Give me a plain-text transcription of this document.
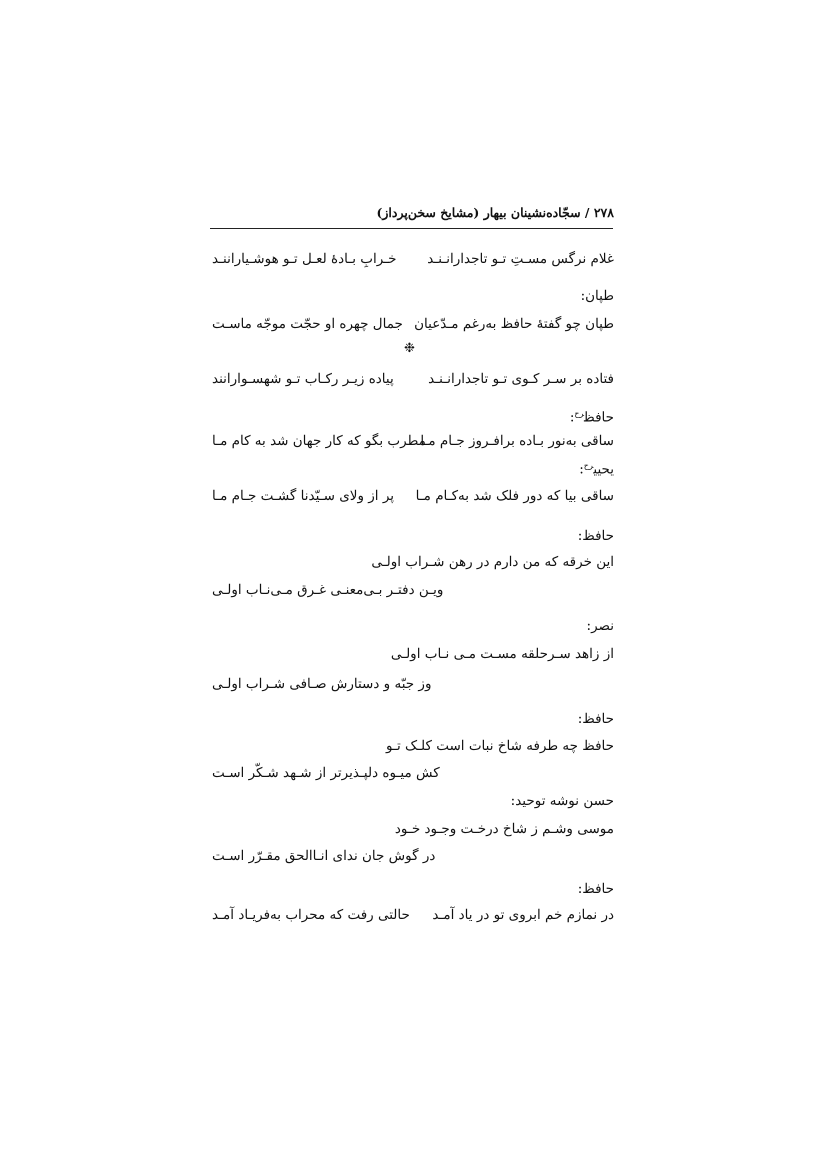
۲۷۸ / سجّاده‌نشینان بیهار (مشایخ سخن‌پرداز)
غلام نرگس مسـتِ تـو تاجدارانـنـد
خـرابِ بـادهٔ لعـل تـو هوشـیاراننـد
طپان:
طپان چو گفتهٔ حافظ به‌رغم مـدّعیان
جمال چهره او حجّت موجّه ماسـت
❉
فتاده بر سـر کـوی تـو تاجدارانـنـد
پیاده زیـر رکـاب تـو شهسـوارانند
حافظ$^{رح}$:
ساقی به‌نور بـاده برافـروز جـام مـا
مطرب بگو که کار جهان شد به کام مـا
یحیی$^{رح}$:
ساقی بیا که دور فلک شد به‌کـام مـا
پر از ولای سـیّدنا گشـت جـام مـا
حافظ:
این خرقه که من دارم در رهن شـراب اولـی
ویـن دفتـر بـی‌معنـی غـرق مـی‌نـاب اولـی
نصر:
از زاهد سـرحلقه مسـت مـی نـاب اولـی
وز جبّه و دستارش صـافی شـراب اولـی
حافظ:
حافظ چه طرفه شاخ نبات است کلـک تـو
کش میـوه دلپـذیرتر از شـهد شـکّر اسـت
حسن نوشه توحید:
موسی وشـم ز شاخ درخـت وجـود خـود
در گوش جان ندای انـاالحق مقـرّر اسـت
حافظ:
در نمازم خم ابروی تو در یاد آمـد
حالتی رفت که محراب به‌فریـاد آمـد
